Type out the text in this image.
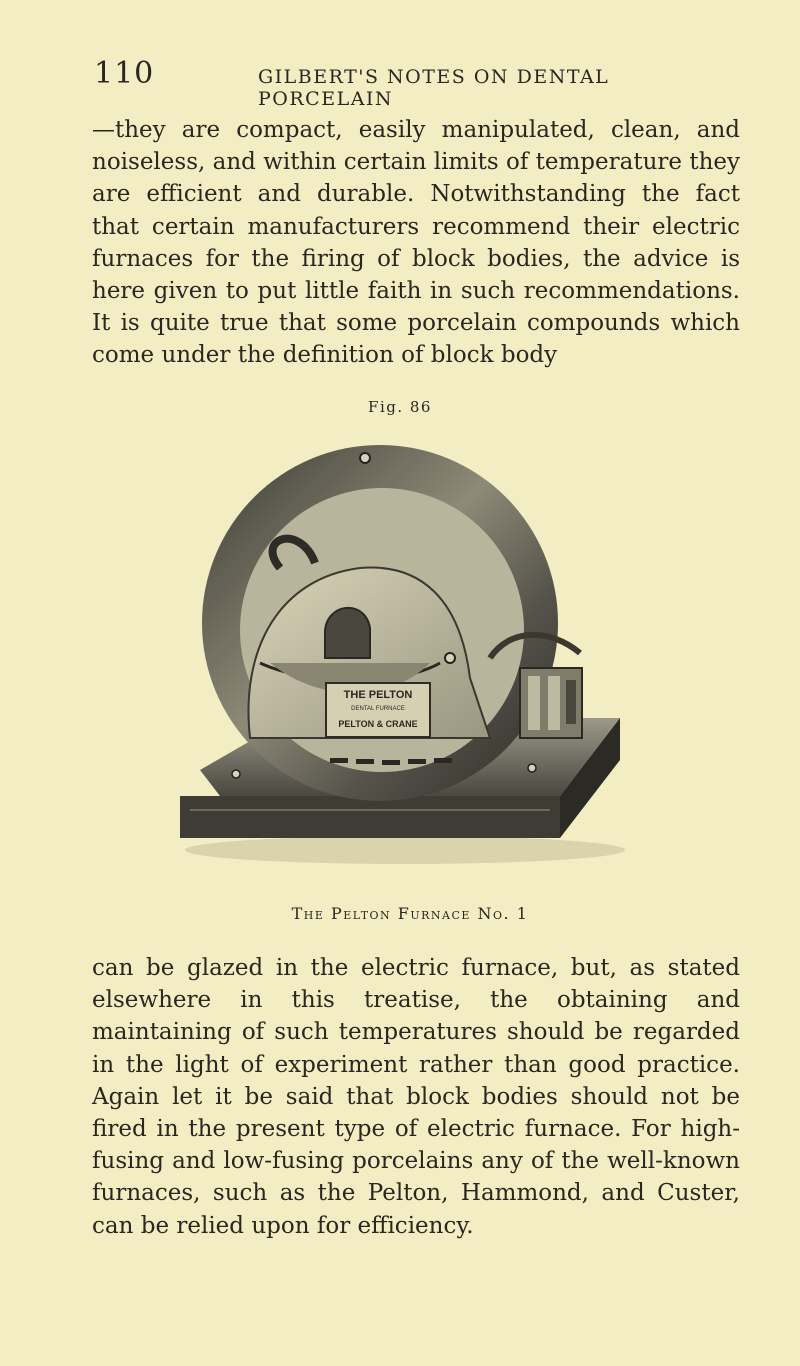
110	GILBERT'S NOTES ON DENTAL PORCELAIN

—they are compact, easily manipulated, clean, and noiseless, and within certain limits of temperature they are efficient and durable. Notwithstanding the fact that certain manufacturers recommend their electric furnaces for the firing of block bodies, the advice is here given to put little faith in such recommendations. It is quite true that some porcelain compounds which come under the definition of block body

Fig. 86
THE PELTON
DENTAL FURNACE
PELTON & CRANE
The Pelton Furnace No. 1

can be glazed in the electric furnace, but, as stated elsewhere in this treatise, the obtaining and maintaining of such temperatures should be regarded in the light of experiment rather than good practice. Again let it be said that block bodies should not be fired in the present type of electric furnace. For high-fusing and low-fusing porcelains any of the well-known furnaces, such as the Pelton, Hammond, and Custer, can be relied upon for efficiency.
